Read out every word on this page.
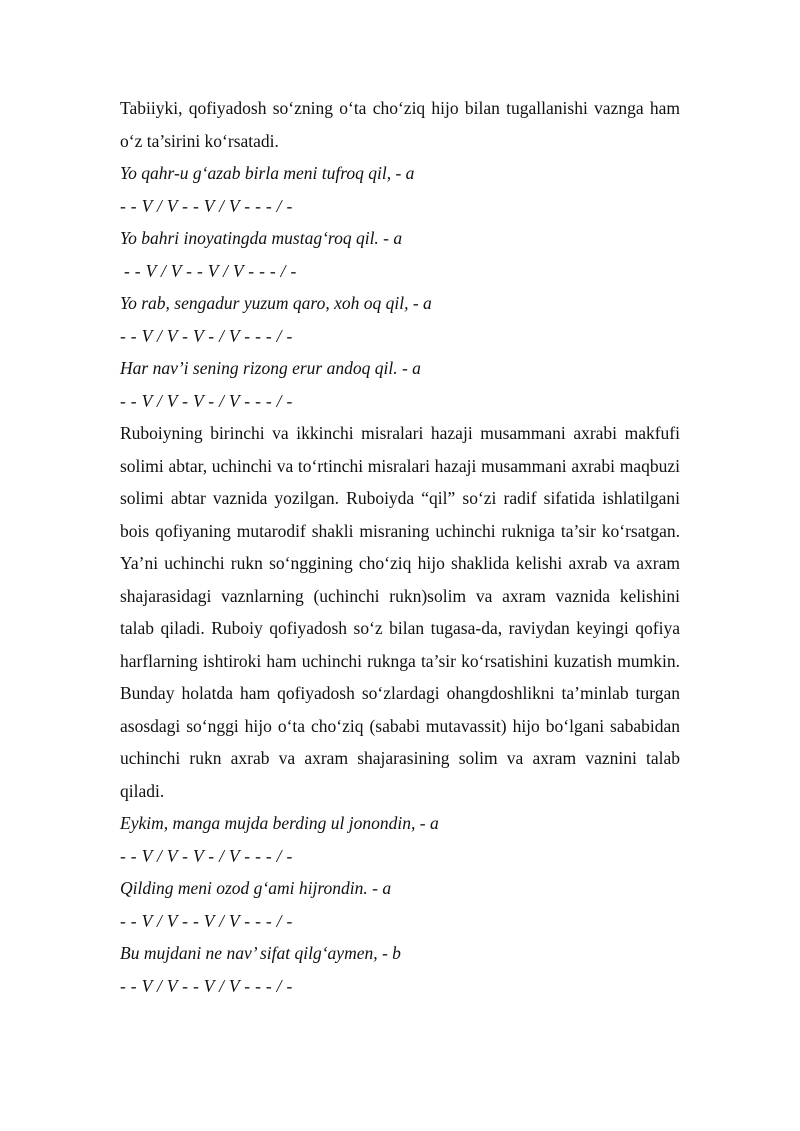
Tabiiyki, qofiyadosh so‘zning o‘ta cho‘ziq hijo bilan tugallanishi vaznga ham o‘z ta’sirini ko‘rsatadi.

Yo qahr-u g‘azab birla meni tufroq qil, - a

- - V / V - - V / V - - - / -

Yo bahri inoyatingda mustag‘roq qil. - a

- - V / V - - V / V - - - / -

Yo rab, sengadur yuzum qaro, xoh oq qil, - a

- - V / V - V - / V - - - / -

Har nav’i sening rizong erur andoq qil. - a

- - V / V - V - / V - - - / -

Ruboiyning birinchi va ikkinchi misralari hazaji musammani axrabi makfufi solimi abtar, uchinchi va to‘rtinchi misralari hazaji musammani axrabi maqbuzi solimi abtar vaznida yozilgan. Ruboiyda “qil” so‘zi radif sifatida ishlatilgani bois qofiyaning mutarodif shakli misraning uchinchi rukniga ta’sir ko‘rsatgan. Ya’ni uchinchi rukn so‘nggining cho‘ziq hijo shaklida kelishi axrab va axram shajarasidagi vaznlarning (uchinchi rukn)solim va axram vaznida kelishini talab qiladi. Ruboiy qofiyadosh so‘z bilan tugasa-da, raviydan keyingi qofiya harflarning ishtiroki ham uchinchi ruknga ta’sir ko‘rsatishini kuzatish mumkin. Bunday holatda ham qofiyadosh so‘zlardagi ohangdoshlikni ta’minlab turgan asosdagi so‘nggi hijo o‘ta cho‘ziq (sababi mutavassit) hijo bo‘lgani sababidan uchinchi rukn axrab va axram shajarasining solim va axram vaznini talab qiladi.

Eykim, manga mujda berding ul jonondin, - a

- - V / V - V - / V - - - / -

Qilding meni ozod g‘ami hijrondin. - a

- - V / V - - V / V - - - / -

Bu mujdani ne nav’ sifat qilg‘aymen, - b

- - V / V - - V / V - - - / -
